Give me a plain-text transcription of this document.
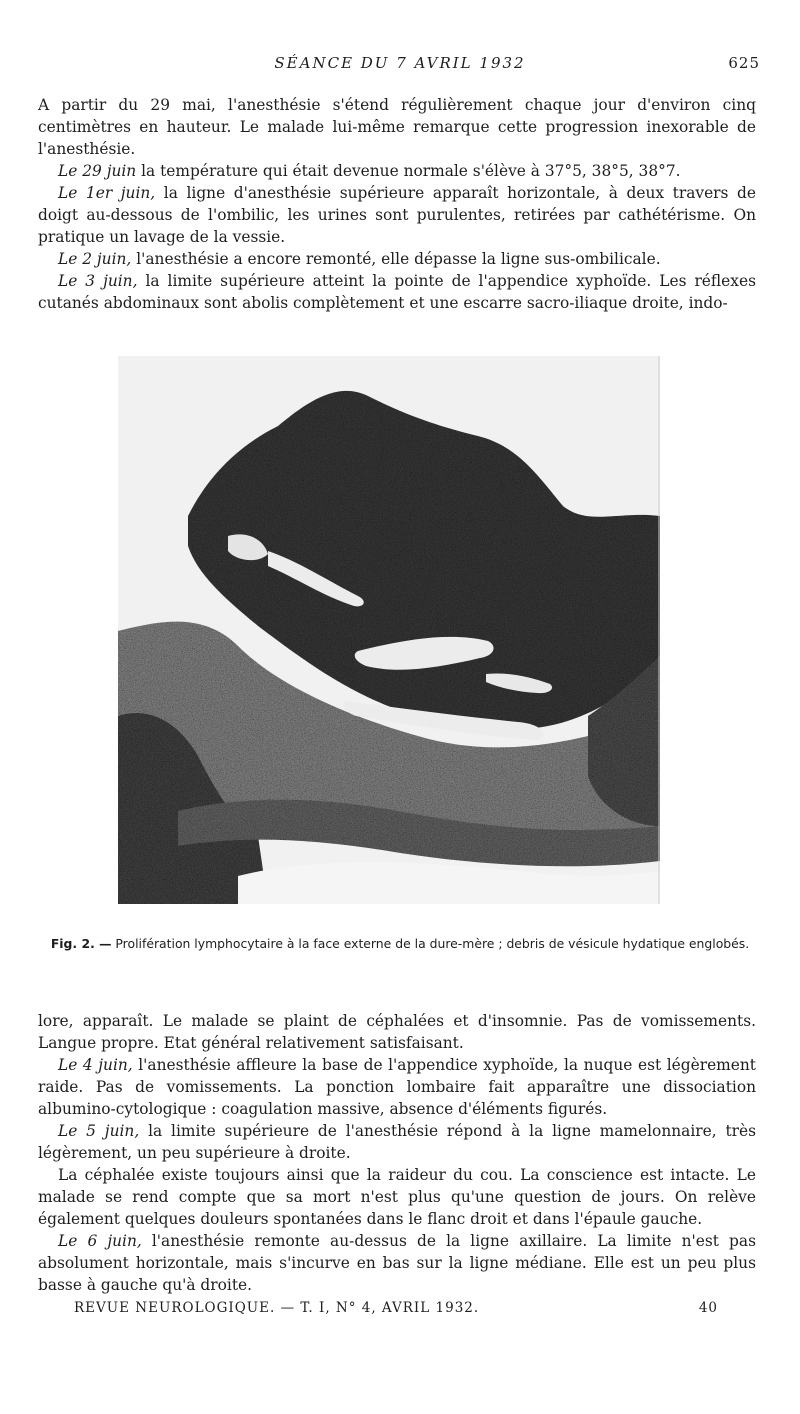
SÉANCE DU 7 AVRIL 1932	625

A partir du 29 mai, l'anesthésie s'étend régulièrement chaque jour d'environ cinq centimètres en hauteur. Le malade lui-même remarque cette progression inexorable de l'anesthésie.

Le 29 juin la température qui était devenue normale s'élève à 37°5, 38°5, 38°7.

Le 1er juin, la ligne d'anesthésie supérieure apparaît horizontale, à deux travers de doigt au-dessous de l'ombilic, les urines sont purulentes, retirées par cathétérisme. On pratique un lavage de la vessie.

Le 2 juin, l'anesthésie a encore remonté, elle dépasse la ligne sus-ombilicale.

Le 3 juin, la limite supérieure atteint la pointe de l'appendice xyphoïde. Les réflexes cutanés abdominaux sont abolis complètement et une escarre sacro-iliaque droite, indo-

Fig. 2. — Prolifération lymphocytaire à la face externe de la dure-mère ; debris de vésicule hydatique englobés.

lore, apparaît. Le malade se plaint de céphalées et d'insomnie. Pas de vomissements. Langue propre. Etat général relativement satisfaisant.

Le 4 juin, l'anesthésie affleure la base de l'appendice xyphoïde, la nuque est légèrement raide. Pas de vomissements. La ponction lombaire fait apparaître une dissociation albumino-cytologique : coagulation massive, absence d'éléments figurés.

Le 5 juin, la limite supérieure de l'anesthésie répond à la ligne mamelonnaire, très légèrement, un peu supérieure à droite.

La céphalée existe toujours ainsi que la raideur du cou. La conscience est intacte. Le malade se rend compte que sa mort n'est plus qu'une question de jours. On relève également quelques douleurs spontanées dans le flanc droit et dans l'épaule gauche.

Le 6 juin, l'anesthésie remonte au-dessus de la ligne axillaire. La limite n'est pas absolument horizontale, mais s'incurve en bas sur la ligne médiane. Elle est un peu plus basse à gauche qu'à droite.

REVUE NEUROLOGIQUE. — T. I, N° 4, AVRIL 1932.	40
